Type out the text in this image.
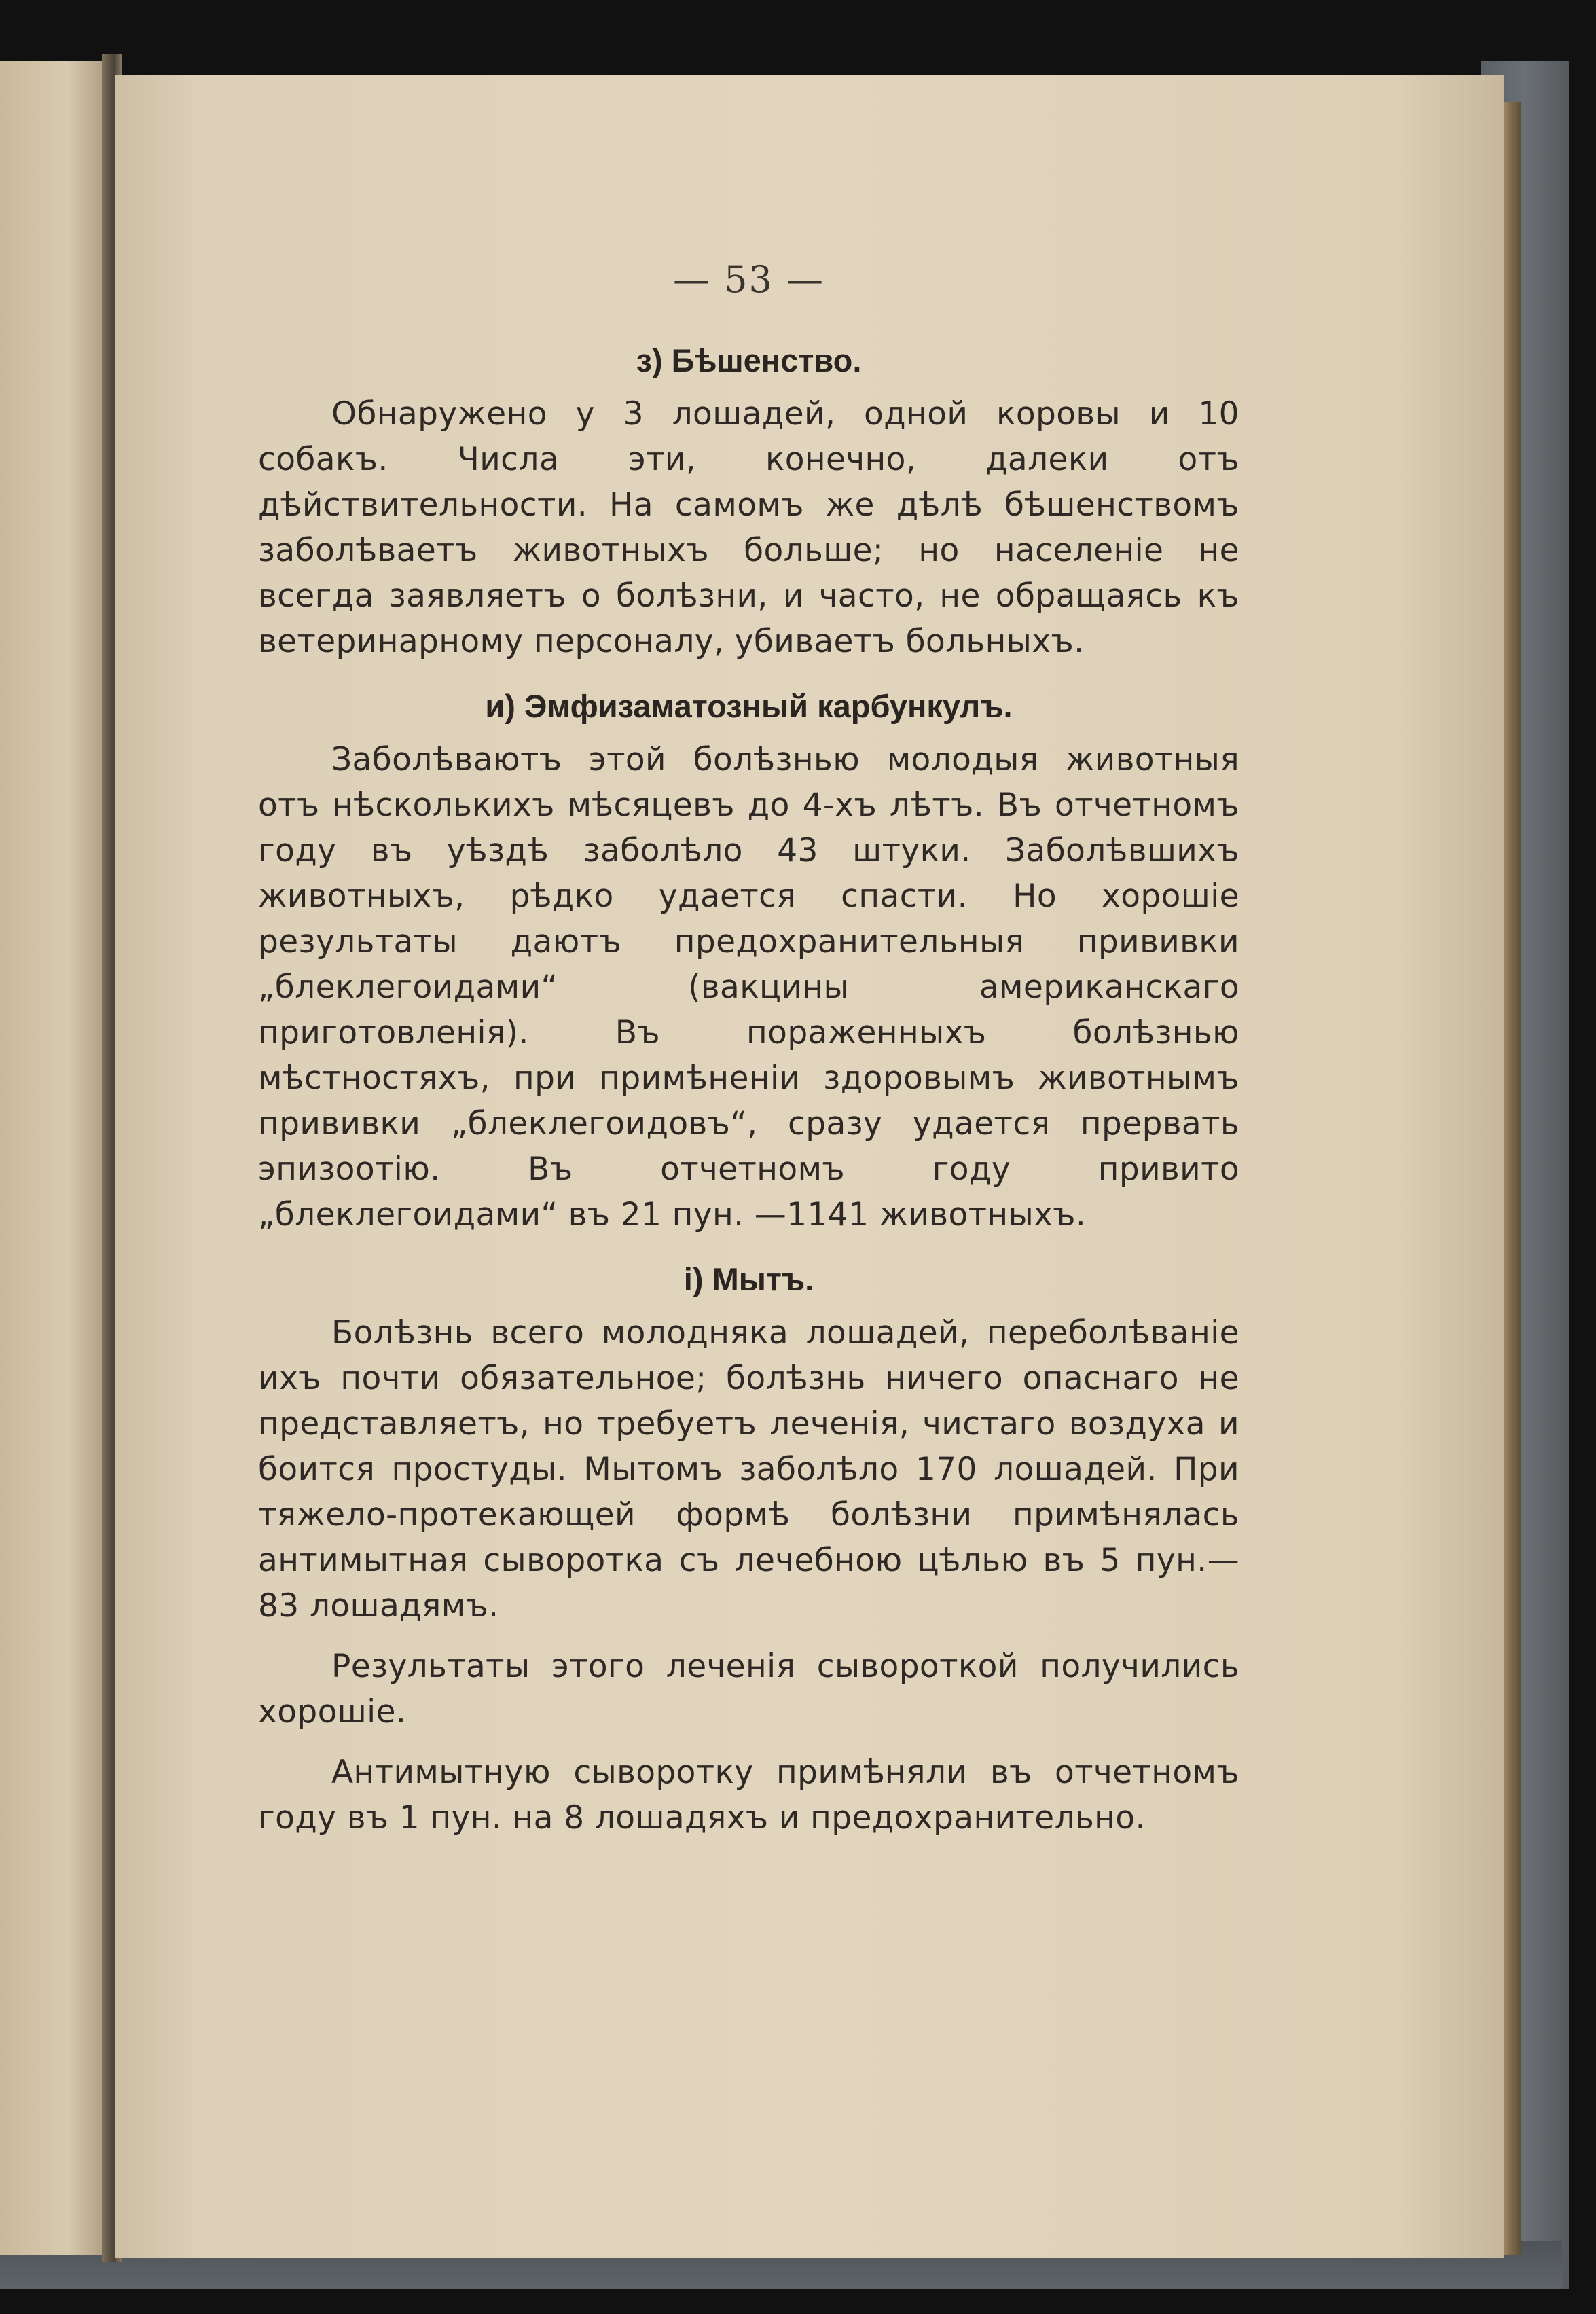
— 53 —
з) Бѣшенство.

Обнаружено у 3 лошадей, одной коровы и 10 собакъ. Числа эти, конечно, далеки отъ дѣйствительности. На самомъ же дѣлѣ бѣшенствомъ заболѣваетъ животныхъ больше; но населеніе не всегда заявляетъ о болѣзни, и часто, не обращаясь къ ветеринарному персоналу, убиваетъ больныхъ.

и) Эмфизаматозный карбункулъ.

Заболѣваютъ этой болѣзнью молодыя животныя отъ нѣсколькихъ мѣсяцевъ до 4-хъ лѣтъ. Въ отчетномъ году въ уѣздѣ заболѣло 43 штуки. Заболѣвшихъ животныхъ, рѣдко удается спасти. Но хорошіе результаты даютъ предохранительныя прививки „блеклегоидами“ (вакцины американскаго приготовленія). Въ пораженныхъ болѣзнью мѣстностяхъ, при примѣненіи здоровымъ животнымъ прививки „блеклегоидовъ“, сразу удается прервать эпизоотію. Въ отчетномъ году привито „блеклегоидами“ въ 21 пун. —1141 животныхъ.

і) Мытъ.

Болѣзнь всего молодняка лошадей, переболѣваніе ихъ почти обязательное; болѣзнь ничего опаснаго не представляетъ, но требуетъ леченія, чистаго воздуха и боится простуды. Мытомъ заболѣло 170 лошадей. При тяжело-протекающей формѣ болѣзни примѣнялась антимытная сыворотка съ лечебною цѣлью въ 5 пун.—83 лошадямъ.

Результаты этого леченія сывороткой получились хорошіе.

Антимытную сыворотку примѣняли въ отчетномъ году въ 1 пун. на 8 лошадяхъ и предохранительно.
